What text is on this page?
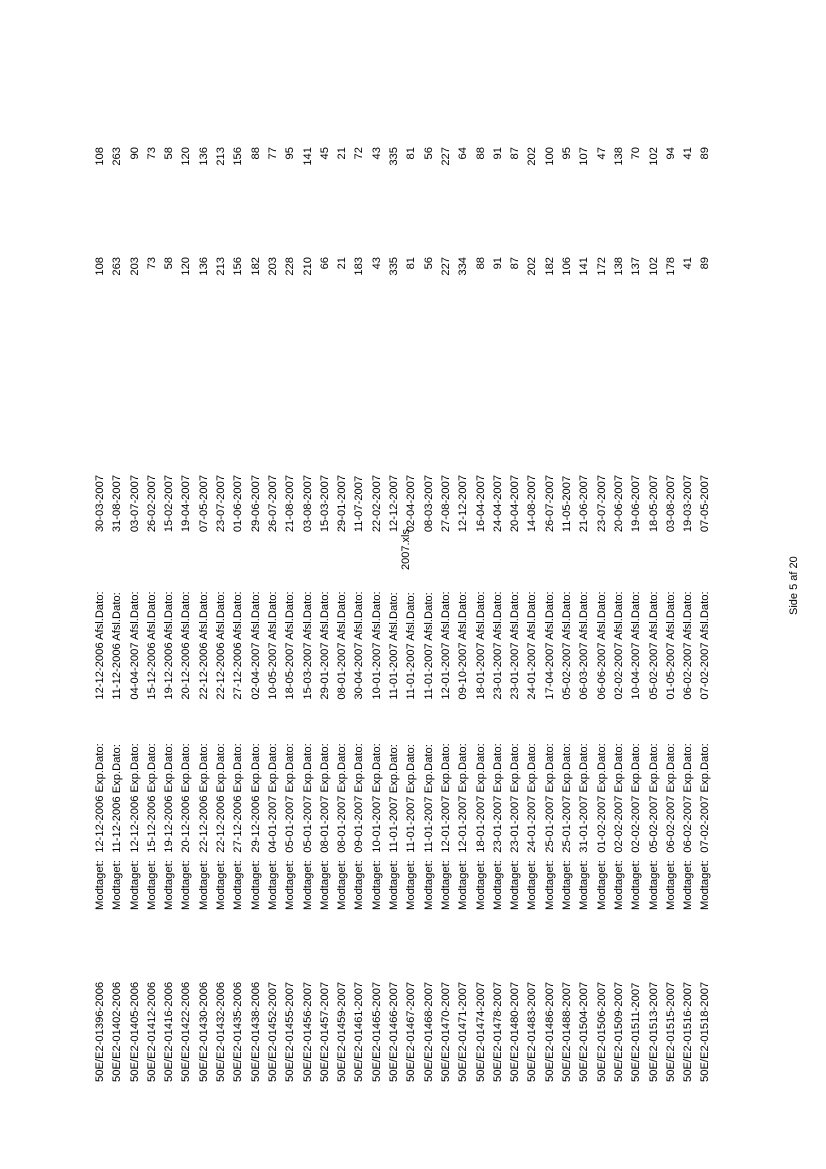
2007.xls
Side 5 af 20
50E/E2-01396-2006	Modtaget:	12-12-2006 Exp.Dato:	12-12-2006 Afsl.Dato:	30-03-2007	108	108
50E/E2-01402-2006	Modtaget:	11-12-2006 Exp.Dato:	11-12-2006 Afsl.Dato:	31-08-2007	263	263
50E/E2-01405-2006	Modtaget:	12-12-2006 Exp.Dato:	04-04-2007 Afsl.Dato:	03-07-2007	203	90
50E/E2-01412-2006	Modtaget:	15-12-2006 Exp.Dato:	15-12-2006 Afsl.Dato:	26-02-2007	73	73
50E/E2-01416-2006	Modtaget:	19-12-2006 Exp.Dato:	19-12-2006 Afsl.Dato:	15-02-2007	58	58
50E/E2-01422-2006	Modtaget:	20-12-2006 Exp.Dato:	20-12-2006 Afsl.Dato:	19-04-2007	120	120
50E/E2-01430-2006	Modtaget:	22-12-2006 Exp.Dato:	22-12-2006 Afsl.Dato:	07-05-2007	136	136
50E/E2-01432-2006	Modtaget:	22-12-2006 Exp.Dato:	22-12-2006 Afsl.Dato:	23-07-2007	213	213
50E/E2-01435-2006	Modtaget:	27-12-2006 Exp.Dato:	27-12-2006 Afsl.Dato:	01-06-2007	156	156
50E/E2-01438-2006	Modtaget:	29-12-2006 Exp.Dato:	02-04-2007 Afsl.Dato:	29-06-2007	182	88
50E/E2-01452-2007	Modtaget:	04-01-2007 Exp.Dato:	10-05-2007 Afsl.Dato:	26-07-2007	203	77
50E/E2-01455-2007	Modtaget:	05-01-2007 Exp.Dato:	18-05-2007 Afsl.Dato:	21-08-2007	228	95
50E/E2-01456-2007	Modtaget:	05-01-2007 Exp.Dato:	15-03-2007 Afsl.Dato:	03-08-2007	210	141
50E/E2-01457-2007	Modtaget:	08-01-2007 Exp.Dato:	29-01-2007 Afsl.Dato:	15-03-2007	66	45
50E/E2-01459-2007	Modtaget:	08-01-2007 Exp.Dato:	08-01-2007 Afsl.Dato:	29-01-2007	21	21
50E/E2-01461-2007	Modtaget:	09-01-2007 Exp.Dato:	30-04-2007 Afsl.Dato:	11-07-2007	183	72
50E/E2-01465-2007	Modtaget:	10-01-2007 Exp.Dato:	10-01-2007 Afsl.Dato:	22-02-2007	43	43
50E/E2-01466-2007	Modtaget:	11-01-2007 Exp.Dato:	11-01-2007 Afsl.Dato:	12-12-2007	335	335
50E/E2-01467-2007	Modtaget:	11-01-2007 Exp.Dato:	11-01-2007 Afsl.Dato:	02-04-2007	81	81
50E/E2-01468-2007	Modtaget:	11-01-2007 Exp.Dato:	11-01-2007 Afsl.Dato:	08-03-2007	56	56
50E/E2-01470-2007	Modtaget:	12-01-2007 Exp.Dato:	12-01-2007 Afsl.Dato:	27-08-2007	227	227
50E/E2-01471-2007	Modtaget:	12-01-2007 Exp.Dato:	09-10-2007 Afsl.Dato:	12-12-2007	334	64
50E/E2-01474-2007	Modtaget:	18-01-2007 Exp.Dato:	18-01-2007 Afsl.Dato:	16-04-2007	88	88
50E/E2-01478-2007	Modtaget:	23-01-2007 Exp.Dato:	23-01-2007 Afsl.Dato:	24-04-2007	91	91
50E/E2-01480-2007	Modtaget:	23-01-2007 Exp.Dato:	23-01-2007 Afsl.Dato:	20-04-2007	87	87
50E/E2-01483-2007	Modtaget:	24-01-2007 Exp.Dato:	24-01-2007 Afsl.Dato:	14-08-2007	202	202
50E/E2-01486-2007	Modtaget:	25-01-2007 Exp.Dato:	17-04-2007 Afsl.Dato:	26-07-2007	182	100
50E/E2-01488-2007	Modtaget:	25-01-2007 Exp.Dato:	05-02-2007 Afsl.Dato:	11-05-2007	106	95
50E/E2-01504-2007	Modtaget:	31-01-2007 Exp.Dato:	06-03-2007 Afsl.Dato:	21-06-2007	141	107
50E/E2-01506-2007	Modtaget:	01-02-2007 Exp.Dato:	06-06-2007 Afsl.Dato:	23-07-2007	172	47
50E/E2-01509-2007	Modtaget:	02-02-2007 Exp.Dato:	02-02-2007 Afsl.Dato:	20-06-2007	138	138
50E/E2-01511-2007	Modtaget:	02-02-2007 Exp.Dato:	10-04-2007 Afsl.Dato:	19-06-2007	137	70
50E/E2-01513-2007	Modtaget:	05-02-2007 Exp.Dato:	05-02-2007 Afsl.Dato:	18-05-2007	102	102
50E/E2-01515-2007	Modtaget:	06-02-2007 Exp.Dato:	01-05-2007 Afsl.Dato:	03-08-2007	178	94
50E/E2-01516-2007	Modtaget:	06-02-2007 Exp.Dato:	06-02-2007 Afsl.Dato:	19-03-2007	41	41
50E/E2-01518-2007	Modtaget:	07-02-2007 Exp.Dato:	07-02-2007 Afsl.Dato:	07-05-2007	89	89
